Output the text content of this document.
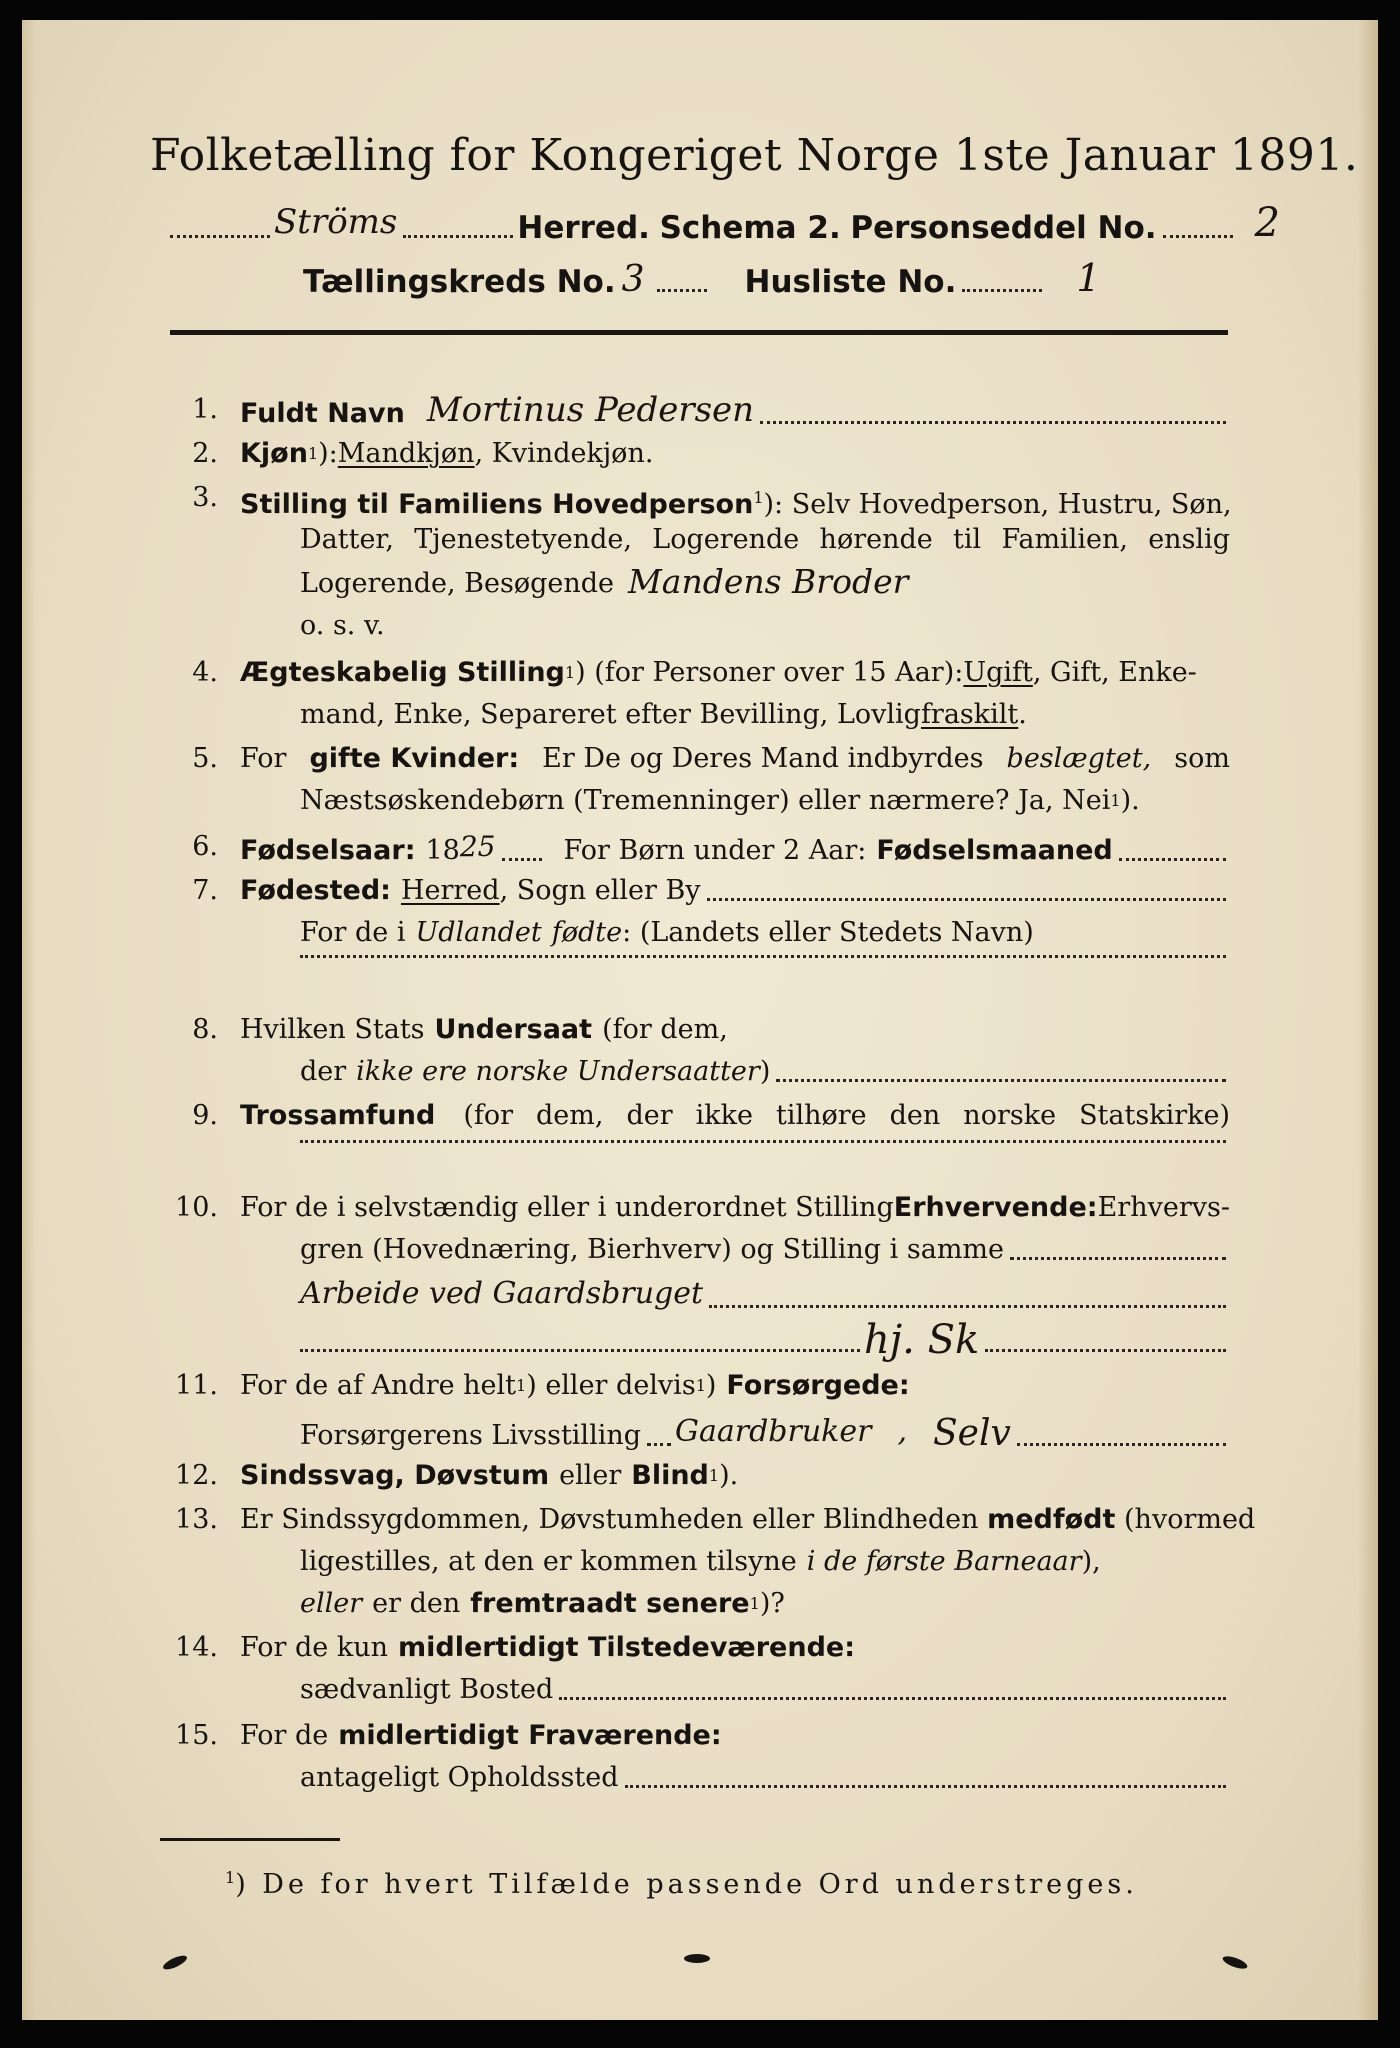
Folketælling for Kongeriget Norge 1ste Januar 1891.
Ströms	Herred. Schema 2. Personseddel No. 2
Tællingskreds No. 3	Husliste No.	1
1. Fuldt Navn Mortinus Pedersen
2. Kjøn 1 ): Mandkjøn , Kvindekjøn.
3. Stilling til Familiens Hovedperson$^1$): Selv Hovedperson, Hustru, Søn,
Datter, Tjenestetyende, Logerende hørende til Familien, enslig
Logerende, Besøgende Mandens Broder
o. s. v.
4. Ægteskabelig Stilling 1 ) (for Personer over 15 Aar): Ugift , Gift, Enke-
mand, Enke, Separeret efter Bevilling, Lovlig fraskilt .
5. For gifte Kvinder: Er De og Deres Mand indbyrdes beslægtet, som
Næstsøskendebørn (Tremenninger) eller nærmere? Ja, Nei 1 ).
6. Fødselsaar: 18 25	For Børn under 2 Aar: Fødselsmaaned
7. Fødested: Herred , Sogn eller By
For de i Udlandet fødte : (Landets eller Stedets Navn)
8. Hvilken Stats Undersaat (for dem,
der ikke ere norske Undersaatter )
9. Trossamfund (for dem, der ikke tilhøre den norske Statskirke)
10. For de i selvstændig eller i underordnet Stilling Erhvervende: Erhvervs-
gren (Hovednæring, Bierhverv) og Stilling i samme
Arbeide ved Gaardsbruget
hj. Sk
11. For de af Andre helt 1 ) eller delvis 1 ) Forsørgede:
Forsørgerens Livsstilling Gaardbruker , Selv
12. Sindssvag, Døvstum eller Blind 1 ).
13. Er Sindssygdommen, Døvstumheden eller Blindheden medfødt (hvormed
ligestilles, at den er kommen tilsyne i de første Barneaar ),
eller er den fremtraadt senere 1 )?
14. For de kun midlertidigt Tilstedeværende:
sædvanligt Bosted
15. For de midlertidigt Fraværende:
antageligt Opholdssted
$^1$) De for hvert Tilfælde passende Ord understreges.
